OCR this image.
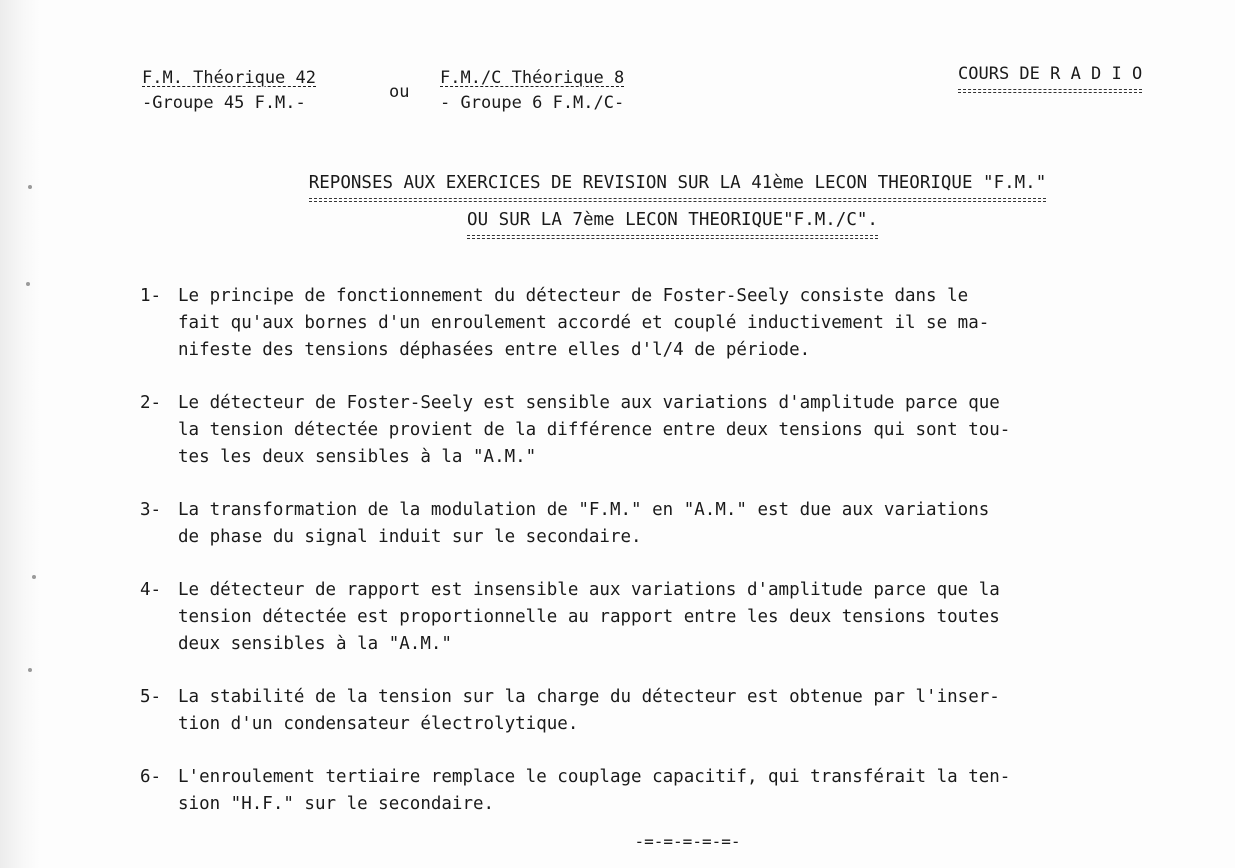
F.M. Théorique 42
-Groupe 45 F.M.-
ou
F.M./C Théorique 8
- Groupe 6 F.M./C-
COURS DE R A D I O
REPONSES AUX EXERCICES DE REVISION SUR LA 41ème LECON THEORIQUE "F.M."
OU SUR LA 7ème LECON THEORIQUE"F.M./C".
1- Le principe de fonctionnement du détecteur de Foster-Seely consiste dans le
fait qu'aux bornes d'un enroulement accordé et couplé inductivement il se ma-
nifeste des tensions déphasées entre elles d'l/4 de période.
2- Le détecteur de Foster-Seely est sensible aux variations d'amplitude parce que
la tension détectée provient de la différence entre deux tensions qui sont tou-
tes les deux sensibles à la "A.M."
3- La transformation de la modulation de "F.M." en "A.M." est due aux variations
de phase du signal induit sur le secondaire.
4- Le détecteur de rapport est insensible aux variations d'amplitude parce que la
tension détectée est proportionnelle au rapport entre les deux tensions toutes
deux sensibles à la "A.M."
5- La stabilité de la tension sur la charge du détecteur est obtenue par l'inser-
tion d'un condensateur électrolytique.
6- L'enroulement tertiaire remplace le couplage capacitif, qui transférait la ten-
sion "H.F." sur le secondaire.
-=-=-=-=-=-
